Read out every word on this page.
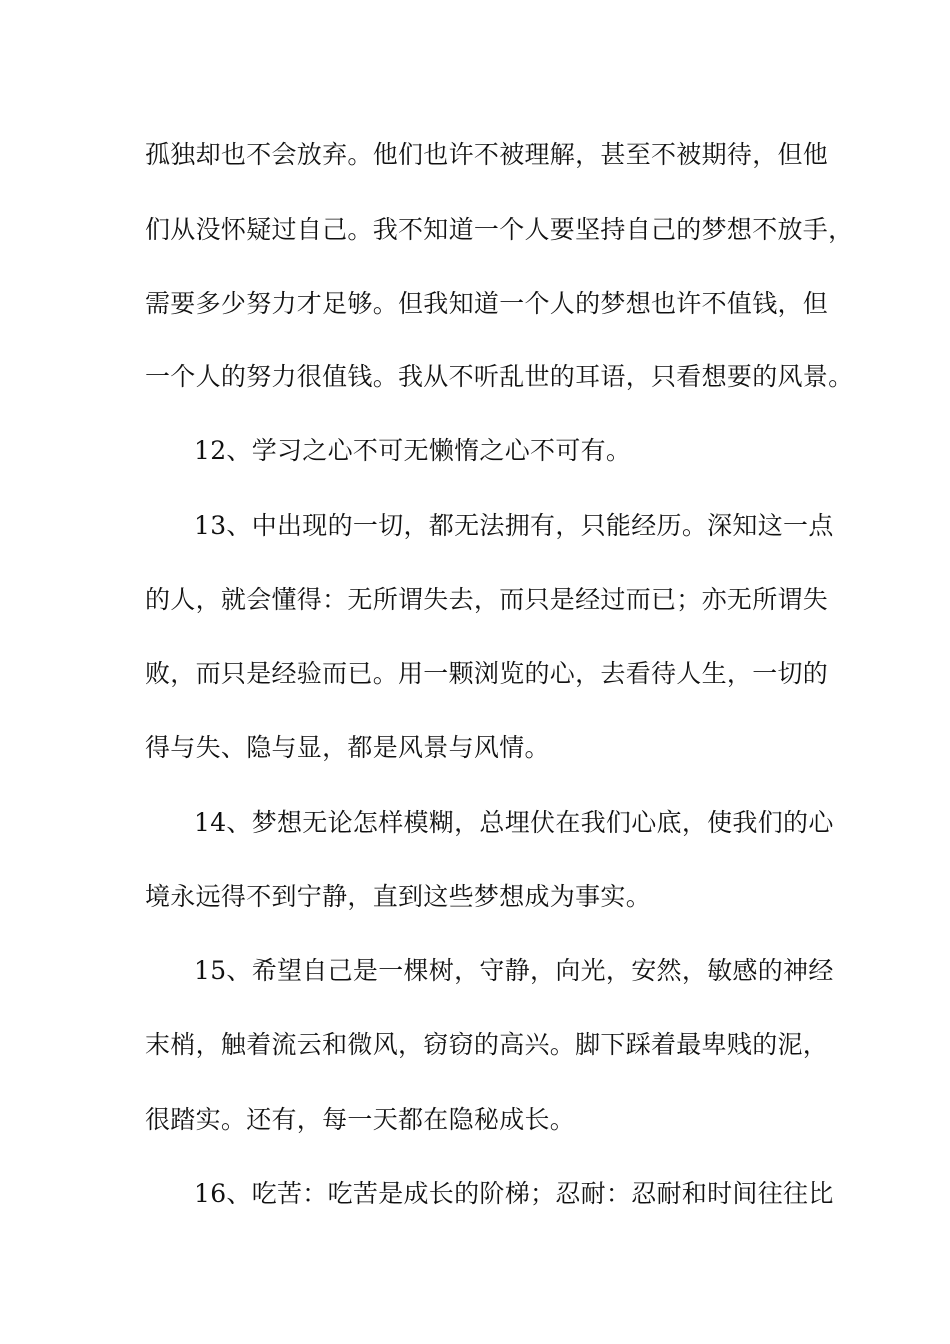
孤独却也不会放弃。他们也许不被理解，甚至不被期待，但他
们从没怀疑过自己。我不知道一个人要坚持自己的梦想不放手，
需要多少努力才足够。但我知道一个人的梦想也许不值钱，但
一个人的努力很值钱。我从不听乱世的耳语，只看想要的风景。
12、学习之心不可无懒惰之心不可有。
13、中出现的一切，都无法拥有，只能经历。深知这一点
的人，就会懂得：无所谓失去，而只是经过而已；亦无所谓失
败，而只是经验而已。用一颗浏览的心，去看待人生，一切的
得与失、隐与显，都是风景与风情。
14、梦想无论怎样模糊，总埋伏在我们心底，使我们的心
境永远得不到宁静，直到这些梦想成为事实。
15、希望自己是一棵树，守静，向光，安然，敏感的神经
末梢，触着流云和微风，窃窃的高兴。脚下踩着最卑贱的泥，
很踏实。还有，每一天都在隐秘成长。
16、吃苦：吃苦是成长的阶梯；忍耐：忍耐和时间往往比
